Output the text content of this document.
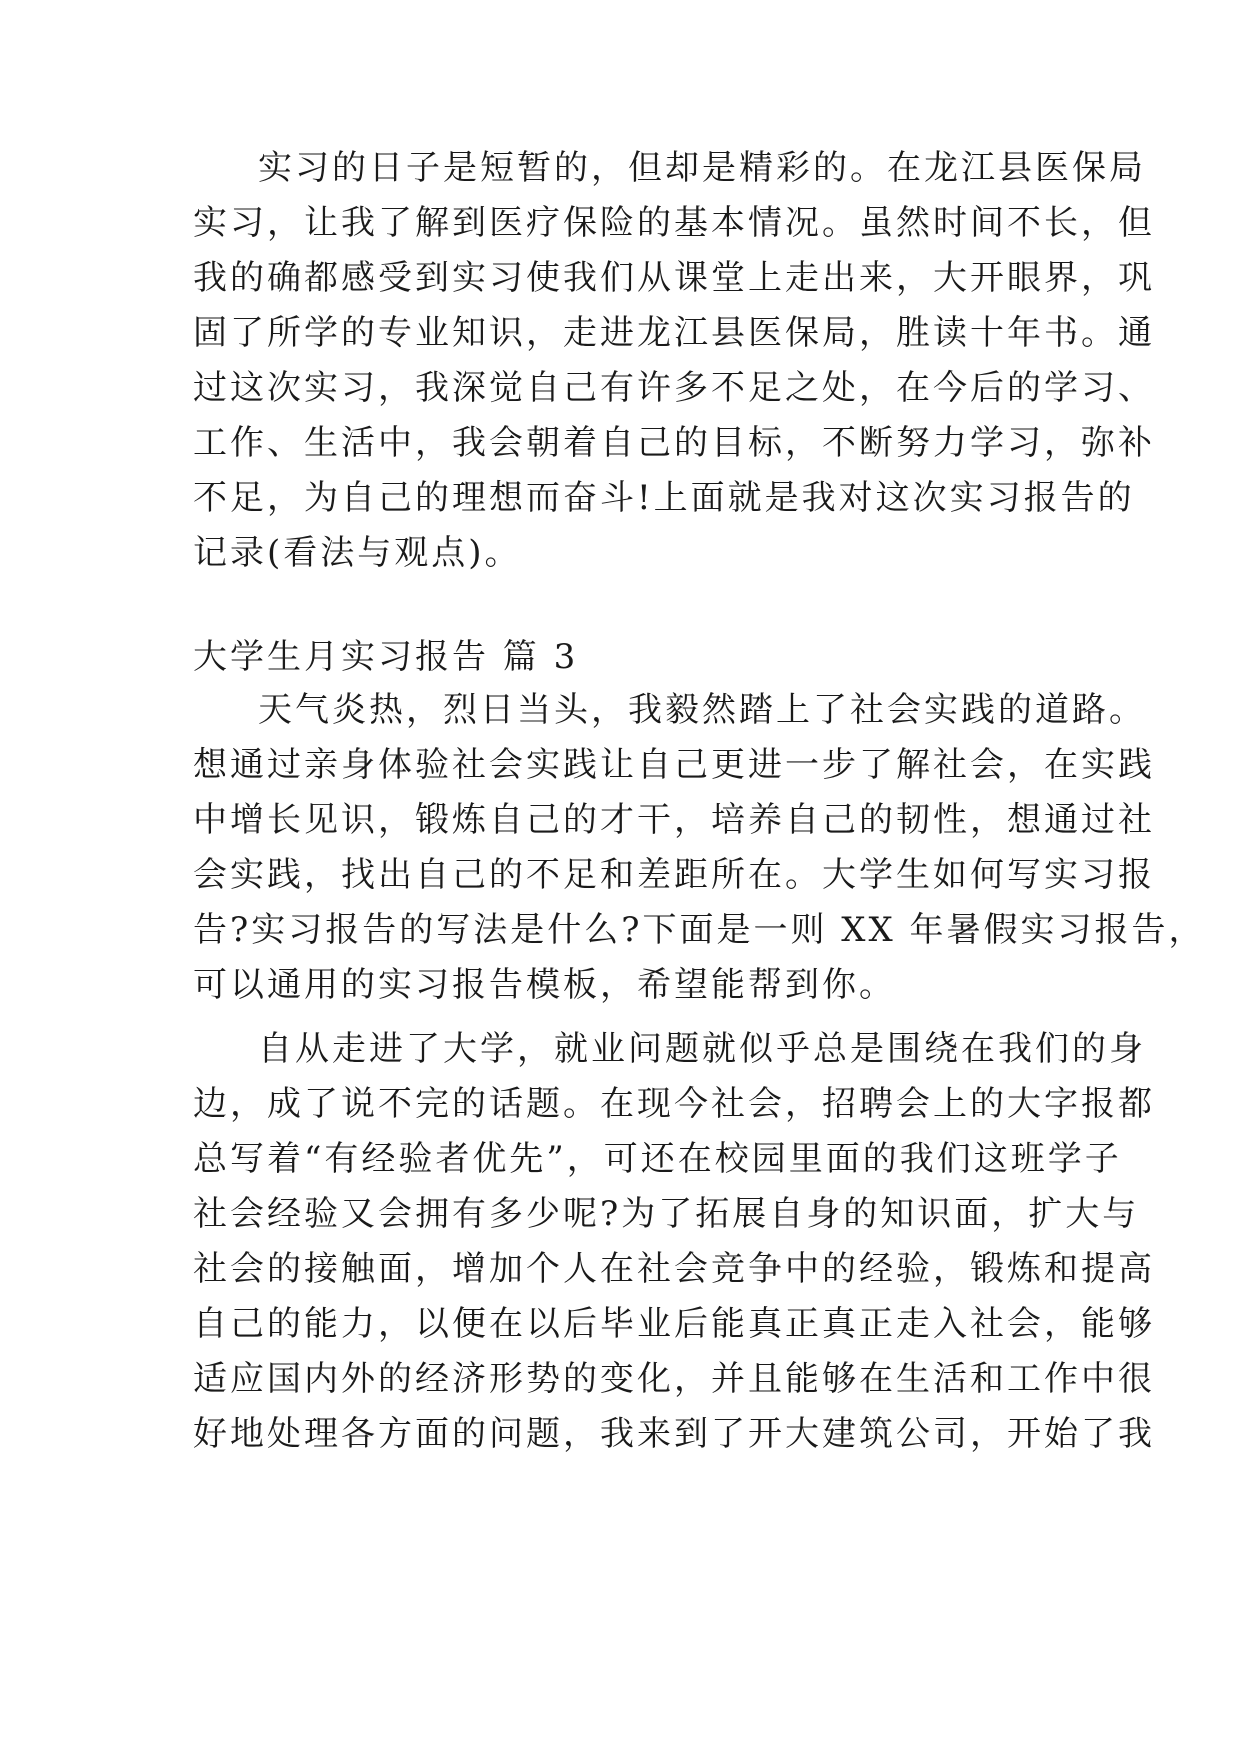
实习的日子是短暂的，但却是精彩的。在龙江县医保局
实习，让我了解到医疗保险的基本情况。虽然时间不长，但
我的确都感受到实习使我们从课堂上走出来，大开眼界，巩
固了所学的专业知识，走进龙江县医保局，胜读十年书。通
过这次实习，我深觉自己有许多不足之处，在今后的学习、
工作、生活中，我会朝着自己的目标，不断努力学习，弥补
不足，为自己的理想而奋斗!上面就是我对这次实习报告的
记录(看法与观点)。
大学生月实习报告 篇 3
天气炎热，烈日当头，我毅然踏上了社会实践的道路。
想通过亲身体验社会实践让自己更进一步了解社会，在实践
中增长见识，锻炼自己的才干，培养自己的韧性，想通过社
会实践，找出自己的不足和差距所在。大学生如何写实习报
告?实习报告的写法是什么?下面是一则 XX 年暑假实习报告，
可以通用的实习报告模板，希望能帮到你。
自从走进了大学，就业问题就似乎总是围绕在我们的身
边，成了说不完的话题。在现今社会，招聘会上的大字报都
总写着“有经验者优先”，可还在校园里面的我们这班学子
社会经验又会拥有多少呢?为了拓展自身的知识面，扩大与
社会的接触面，增加个人在社会竞争中的经验，锻炼和提高
自己的能力，以便在以后毕业后能真正真正走入社会，能够
适应国内外的经济形势的变化，并且能够在生活和工作中很
好地处理各方面的问题，我来到了开大建筑公司，开始了我
